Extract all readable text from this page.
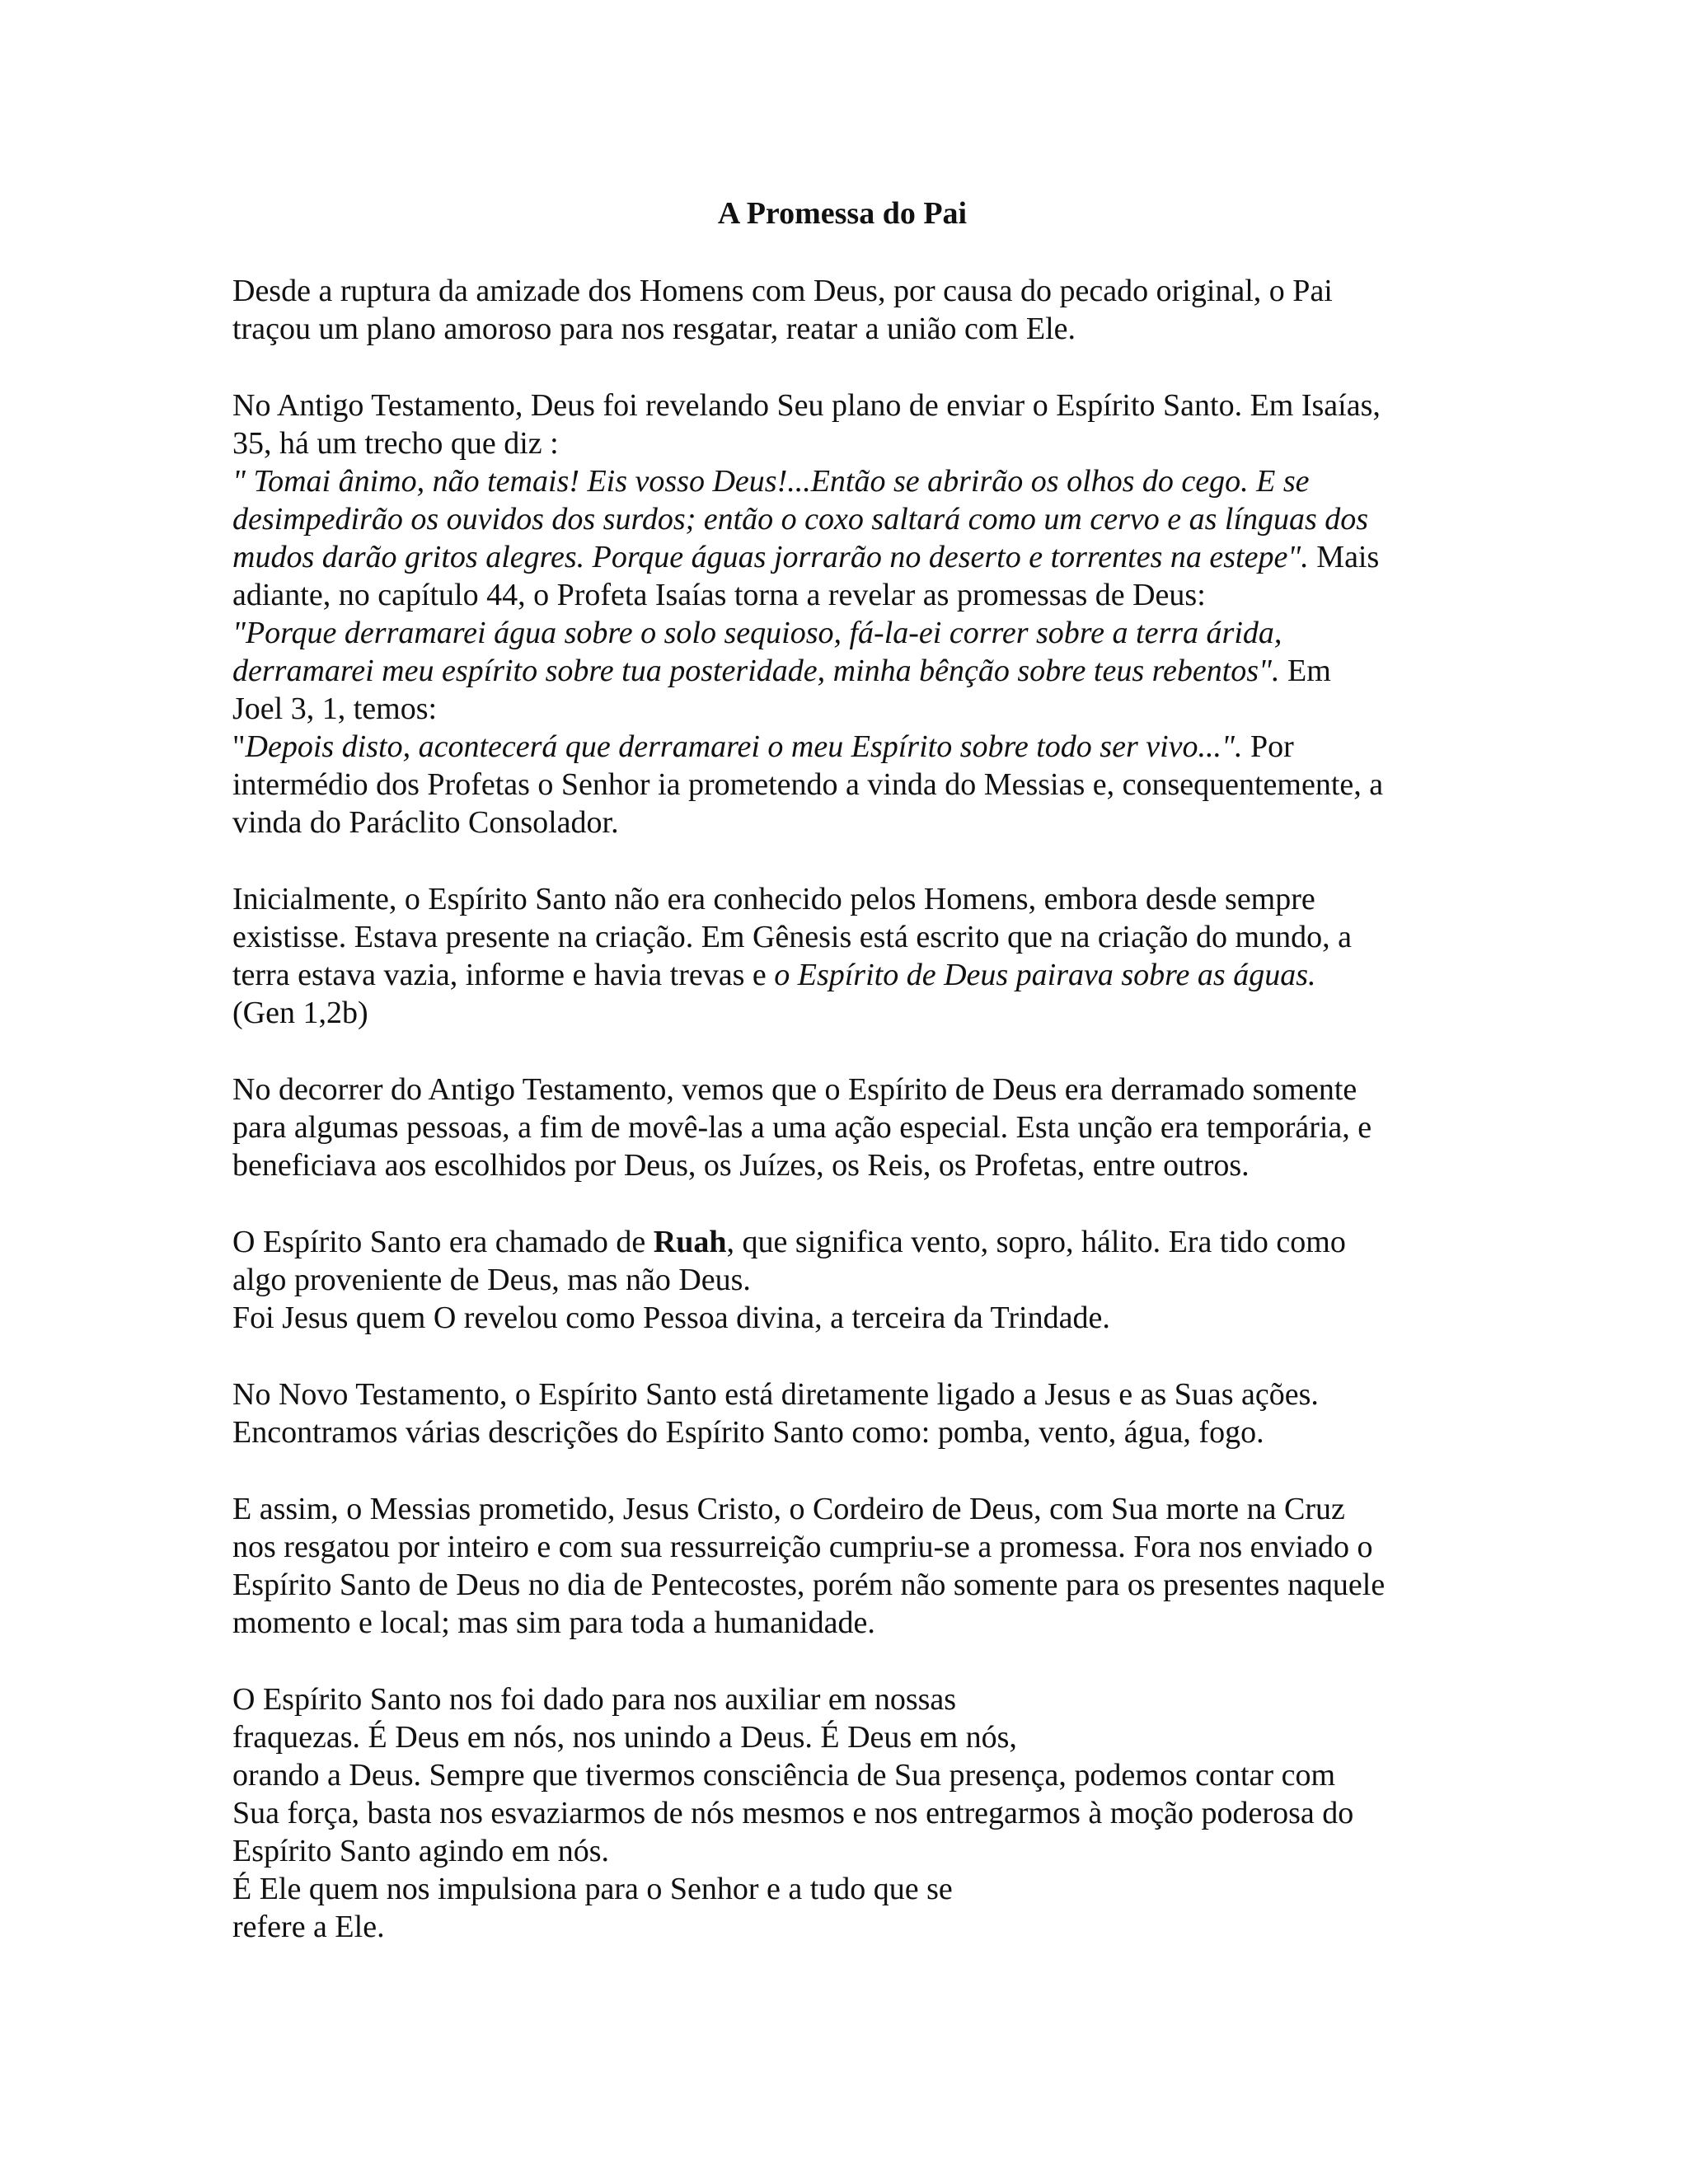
A Promessa do Pai
Desde a ruptura da amizade dos Homens com Deus, por causa do pecado original, o Pai
traçou um plano amoroso para nos resgatar, reatar a união com Ele.
No Antigo Testamento, Deus foi revelando Seu plano de enviar o Espírito Santo. Em Isaías,
35, há um trecho que diz :
" Tomai ânimo, não temais! Eis vosso Deus!...Então se abrirão os olhos do cego. E se
desimpedirão os ouvidos dos surdos; então o coxo saltará como um cervo e as línguas dos
mudos darão gritos alegres. Porque águas jorrarão no deserto e torrentes na estepe". Mais
adiante, no capítulo 44, o Profeta Isaías torna a revelar as promessas de Deus:
"Porque derramarei água sobre o solo sequioso, fá-la-ei correr sobre a terra árida,
derramarei meu espírito sobre tua posteridade, minha bênção sobre teus rebentos". Em
Joel 3, 1, temos:
"Depois disto, acontecerá que derramarei o meu Espírito sobre todo ser vivo...". Por
intermédio dos Profetas o Senhor ia prometendo a vinda do Messias e, consequentemente, a
vinda do Paráclito Consolador.
Inicialmente, o Espírito Santo não era conhecido pelos Homens, embora desde sempre
existisse. Estava presente na criação. Em Gênesis está escrito que na criação do mundo, a
terra estava vazia, informe e havia trevas e o Espírito de Deus pairava sobre as águas.
(Gen 1,2b)
No decorrer do Antigo Testamento, vemos que o Espírito de Deus era derramado somente
para algumas pessoas, a fim de movê-las a uma ação especial. Esta unção era temporária, e
beneficiava aos escolhidos por Deus, os Juízes, os Reis, os Profetas, entre outros.
O Espírito Santo era chamado de Ruah, que significa vento, sopro, hálito. Era tido como
algo proveniente de Deus, mas não Deus.
Foi Jesus quem O revelou como Pessoa divina, a terceira da Trindade.
No Novo Testamento, o Espírito Santo está diretamente ligado a Jesus e as Suas ações.
Encontramos várias descrições do Espírito Santo como: pomba, vento, água, fogo.
E assim, o Messias prometido, Jesus Cristo, o Cordeiro de Deus, com Sua morte na Cruz
nos resgatou por inteiro e com sua ressurreição cumpriu-se a promessa. Fora nos enviado o
Espírito Santo de Deus no dia de Pentecostes, porém não somente para os presentes naquele
momento e local; mas sim para toda a humanidade.
O Espírito Santo nos foi dado para nos auxiliar em nossas
fraquezas. É Deus em nós, nos unindo a Deus. É Deus em nós,
orando a Deus. Sempre que tivermos consciência de Sua presença, podemos contar com
Sua força, basta nos esvaziarmos de nós mesmos e nos entregarmos à moção poderosa do
Espírito Santo agindo em nós.
É Ele quem nos impulsiona para o Senhor e a tudo que se
refere a Ele.
